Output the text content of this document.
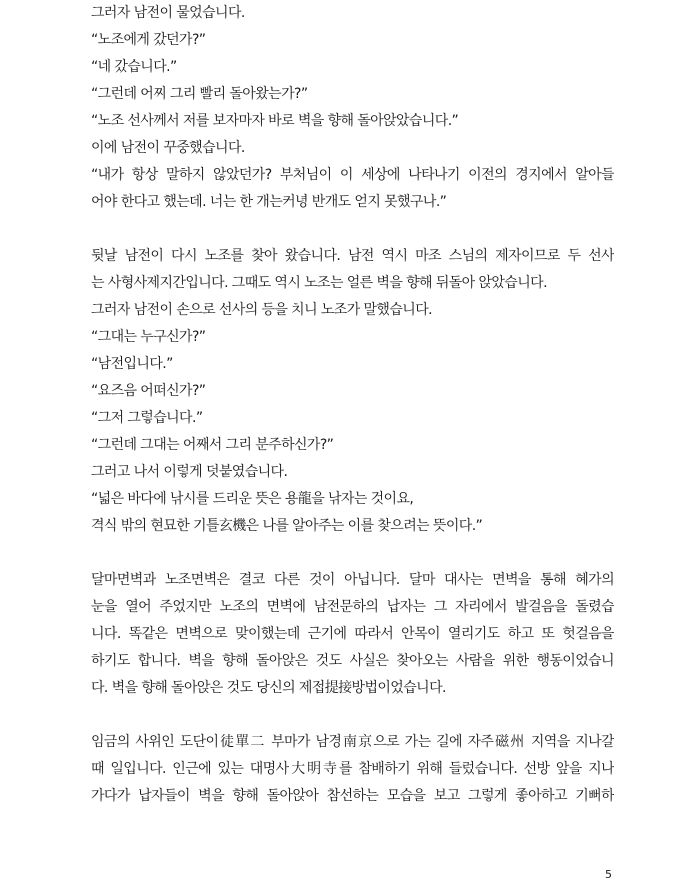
그러자 남전이 물었습니다.
“노조에게 갔던가?”
“네 갔습니다.”
“그런데 어찌 그리 빨리 돌아왔는가?”
“노조 선사께서 저를 보자마자 바로 벽을 향해 돌아앉았습니다.”
이에 남전이 꾸중했습니다.
“내가 항상 말하지 않았던가? 부처님이 이 세상에 나타나기 이전의 경지에서 알아들
어야 한다고 했는데. 너는 한 개는커녕 반개도 얻지 못했구나.”
뒷날 남전이 다시 노조를 찾아 왔습니다. 남전 역시 마조 스님의 제자이므로 두 선사
는 사형사제지간입니다. 그때도 역시 노조는 얼른 벽을 향해 뒤돌아 앉았습니다.
그러자 남전이 손으로 선사의 등을 치니 노조가 말했습니다.
“그대는 누구신가?”
“남전입니다.”
“요즈음 어떠신가?”
“그저 그렇습니다.”
“그런데 그대는 어째서 그리 분주하신가?”
그러고 나서 이렇게 덧붙였습니다.
“넓은 바다에 낚시를 드리운 뜻은 용龍을 낚자는 것이요,
격식 밖의 현묘한 기틀玄機은 나를 알아주는 이를 찾으려는 뜻이다.”
달마면벽과 노조면벽은 결코 다른 것이 아닙니다. 달마 대사는 면벽을 통해 혜가의
눈을 열어 주었지만 노조의 면벽에 남전문하의 납자는 그 자리에서 발걸음을 돌렸습
니다. 똑같은 면벽으로 맞이했는데 근기에 따라서 안목이 열리기도 하고 또 헛걸음을
하기도 합니다. 벽을 향해 돌아앉은 것도 사실은 찾아오는 사람을 위한 행동이었습니
다. 벽을 향해 돌아앉은 것도 당신의 제접提接방법이었습니다.
임금의 사위인 도단이徒單二 부마가 남경南京으로 가는 길에 자주磁州 지역을 지나갈
때 일입니다. 인근에 있는 대명사大明寺를 참배하기 위해 들렀습니다. 선방 앞을 지나
가다가 납자들이 벽을 향해 돌아앉아 참선하는 모습을 보고 그렇게 좋아하고 기뻐하
5
